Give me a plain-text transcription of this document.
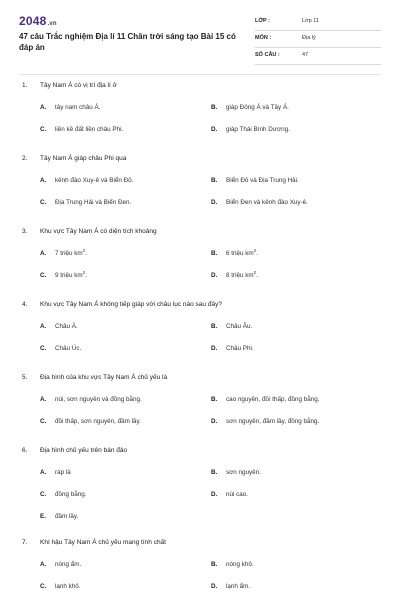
2048.vn
47 câu Trắc nghiệm Địa lí 11 Chân trời sáng tạo Bài 15 có đáp án
LỚP :	Lớp 11
MÔN :	Địa lý
SỐ CÂU :	47
1. Tây Nam Á có vị trí địa lí ở
A. tây nam châu Á.	B. giáp Đông Á và Tây Á.
C. liền kề đất liền châu Phi.	D. giáp Thái Bình Dương.
2. Tây Nam Á giáp châu Phi qua
A. kênh đào Xuy-ê và Biển Đỏ.	B. Biển Đỏ và Địa Trung Hải.
C. Địa Trung Hải và Biển Đen.	D. Biển Đen và kênh đào Xuy-ê.
3. Khu vực Tây Nam Á có diện tích khoảng
A. 7 triệu $km^2$.	B. 6 triệu $km^2$.
C. 9 triệu $km^2$.	D. 8 triệu $km^2$.
4. Khu vực Tây Nam Á không tiếp giáp với châu lục nào sau đây?
A. Châu Á.	B. Châu Âu.
C. Châu Úc.	D. Châu Phi.
5. Địa hình của khu vực Tây Nam Á chủ yếu là
A. núi, sơn nguyên và đồng bằng.	B. cao nguyên, đồi thấp, đồng bằng.
C. đồi thấp, sơn nguyên, đầm lầy.	D. sơn nguyên, đầm lầy, đồng bằng.
6. Địa hình chủ yếu trên bán đảo
A. ráp là	B. sơn nguyên.
C. đồng bằng.	D. núi cao.
E. đầm lầy.
7. Khí hậu Tây Nam Á chủ yếu mang tính chất
A. nóng ẩm.	B. nóng khô.
C. lạnh khô.	D. lạnh ẩm.
